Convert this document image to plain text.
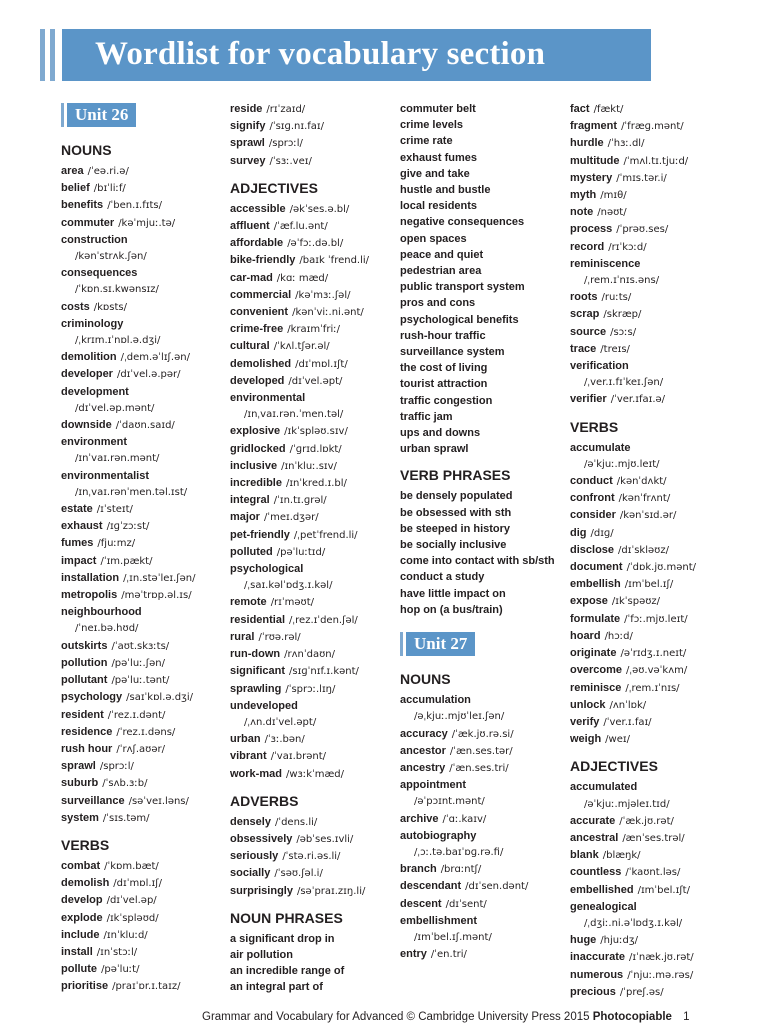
Wordlist for vocabulary section
Unit 26
NOUNS
area /ˈeə.ri.ə/
belief /bɪˈliːf/
benefits /ˈben.ɪ.fɪts/
commuter /kəˈmjuː.tə/
construction
/kənˈstrʌk.ʃən/
consequences
/ˈkɒn.sɪ.kwənsɪz/
costs /kɒsts/
criminology
/ˌkrɪm.ɪˈnɒl.ə.dʒi/
demolition /ˌdem.əˈlɪʃ.ən/
developer /dɪˈvel.ə.pər/
development
/dɪˈvel.əp.mənt/
downside /ˈdaʊn.saɪd/
environment
/ɪnˈvaɪ.rən.mənt/
environmentalist
/ɪnˌvaɪ.rənˈmen.təl.ɪst/
estate /ɪˈsteɪt/
exhaust /ɪɡˈzɔːst/
fumes /fjuːmz/
impact /ˈɪm.pækt/
installation /ˌɪn.stəˈleɪ.ʃən/
metropolis /məˈtrɒp.əl.ɪs/
neighbourhood
/ˈneɪ.bə.hʊd/
outskirts /ˈaʊt.skɜːts/
pollution /pəˈluː.ʃən/
pollutant /pəˈluː.tənt/
psychology /saɪˈkɒl.ə.dʒi/
resident /ˈrez.ɪ.dənt/
residence /ˈrez.ɪ.dəns/
rush hour /ˈrʌʃ.aʊər/
sprawl /sprɔːl/
suburb /ˈsʌb.ɜːb/
surveillance /səˈveɪ.ləns/
system /ˈsɪs.təm/
VERBS
combat /ˈkɒm.bæt/
demolish /dɪˈmɒl.ɪʃ/
develop /dɪˈvel.əp/
explode /ɪkˈspləʊd/
include /ɪnˈkluːd/
install /ɪnˈstɔːl/
pollute /pəˈluːt/
prioritise /praɪˈɒr.ɪ.taɪz/
reside /rɪˈzaɪd/
signify /ˈsɪɡ.nɪ.faɪ/
sprawl /sprɔːl/
survey /ˈsɜː.veɪ/
ADJECTIVES
accessible /əkˈses.ə.bl/
affluent /ˈæf.lu.ənt/
affordable /əˈfɔː.də.bl/
bike-friendly /baɪk ˈfrend.li/
car-mad /kɑː mæd/
commercial /kəˈmɜː.ʃəl/
convenient /kənˈviː.ni.ənt/
crime-free /kraɪmˈfriː/
cultural /ˈkʌl.tʃər.əl/
demolished /dɪˈmɒl.ɪʃt/
developed /dɪˈvel.əpt/
environmental
/ɪnˌvaɪ.rən.ˈmen.təl/
explosive /ɪkˈspləʊ.sɪv/
gridlocked /ˈɡrɪd.lɒkt/
inclusive /ɪnˈkluː.sɪv/
incredible /ɪnˈkred.ɪ.bl/
integral /ˈɪn.tɪ.ɡrəl/
major /ˈmeɪ.dʒər/
pet-friendly /ˌpetˈfrend.li/
polluted /pəˈluːtɪd/
psychological
/ˌsaɪ.kəlˈɒdʒ.ɪ.kəl/
remote /rɪˈməʊt/
residential /ˌrez.ɪˈden.ʃəl/
rural /ˈrʊə.rəl/
run-down /rʌnˈdaʊn/
significant /sɪɡˈnɪf.ɪ.kənt/
sprawling /ˈsprɔː.lɪŋ/
undeveloped
/ˌʌn.dɪˈvel.əpt/
urban /ˈɜː.bən/
vibrant /ˈvaɪ.brənt/
work-mad /wɜːkˈmæd/
ADVERBS
densely /ˈdens.li/
obsessively /əbˈses.ɪvli/
seriously /ˈstə.ri.əs.li/
socially /ˈsəʊ.ʃəl.i/
surprisingly /səˈpraɪ.zɪŋ.li/
NOUN PHRASES
a significant drop in
air pollution
an incredible range of
an integral part of
commuter belt
crime levels
crime rate
exhaust fumes
give and take
hustle and bustle
local residents
negative consequences
open spaces
peace and quiet
pedestrian area
public transport system
pros and cons
psychological benefits
rush-hour traffic
surveillance system
the cost of living
tourist attraction
traffic congestion
traffic jam
ups and downs
urban sprawl
VERB PHRASES
be densely populated
be obsessed with sth
be steeped in history
be socially inclusive
come into contact with sb/sth
conduct a study
have little impact on
hop on (a bus/train)
Unit 27
NOUNS
accumulation
/əˌkjuː.mjʊˈleɪ.ʃən/
accuracy /ˈæk.jʊ.rə.si/
ancestor /ˈæn.ses.tər/
ancestry /ˈæn.ses.tri/
appointment
/əˈpɔɪnt.mənt/
archive /ˈɑː.kaɪv/
autobiography
/ˌɔː.tə.baɪˈɒɡ.rə.fi/
branch /brɑːntʃ/
descendant /dɪˈsen.dənt/
descent /dɪˈsent/
embellishment
/ɪmˈbel.ɪʃ.mənt/
entry /ˈen.tri/
fact /fækt/
fragment /ˈfræɡ.mənt/
hurdle /ˈhɜː.dl/
multitude /ˈmʌl.tɪ.tjuːd/
mystery /ˈmɪs.tər.i/
myth /mɪθ/
note /nəʊt/
process /ˈprəʊ.ses/
record /rɪˈkɔːd/
reminiscence
/ˌrem.ɪˈnɪs.əns/
roots /ruːts/
scrap /skræp/
source /sɔːs/
trace /treɪs/
verification
/ˌver.ɪ.fɪˈkeɪ.ʃən/
verifier /ˈver.ɪfaɪ.ə/
VERBS
accumulate
/əˈkjuː.mjʊ.leɪt/
conduct /kənˈdʌkt/
confront /kənˈfrʌnt/
consider /kənˈsɪd.ər/
dig /dɪɡ/
disclose /dɪˈskləʊz/
document /ˈdɒk.jʊ.mənt/
embellish /ɪmˈbel.ɪʃ/
expose /ɪkˈspəʊz/
formulate /ˈfɔː.mjʊ.leɪt/
hoard /hɔːd/
originate /əˈrɪdʒ.ɪ.neɪt/
overcome /ˌəʊ.vəˈkʌm/
reminisce /ˌrem.ɪˈnɪs/
unlock /ʌnˈlɒk/
verify /ˈver.ɪ.faɪ/
weigh /weɪ/
ADJECTIVES
accumulated
/əˈkjuː.mjəleɪ.tɪd/
accurate /ˈæk.jʊ.rət/
ancestral /ænˈses.trəl/
blank /blæŋk/
countless /ˈkaʊnt.ləs/
embellished /ɪmˈbel.ɪʃt/
genealogical
/ˌdʒiː.ni.əˈlɒdʒ.ɪ.kəl/
huge /hjuːdʒ/
inaccurate /ɪˈnæk.jʊ.rət/
numerous /ˈnjuː.mə.rəs/
precious /ˈpreʃ.əs/
Grammar and Vocabulary for Advanced © Cambridge University Press 2015 Photocopiable 1
